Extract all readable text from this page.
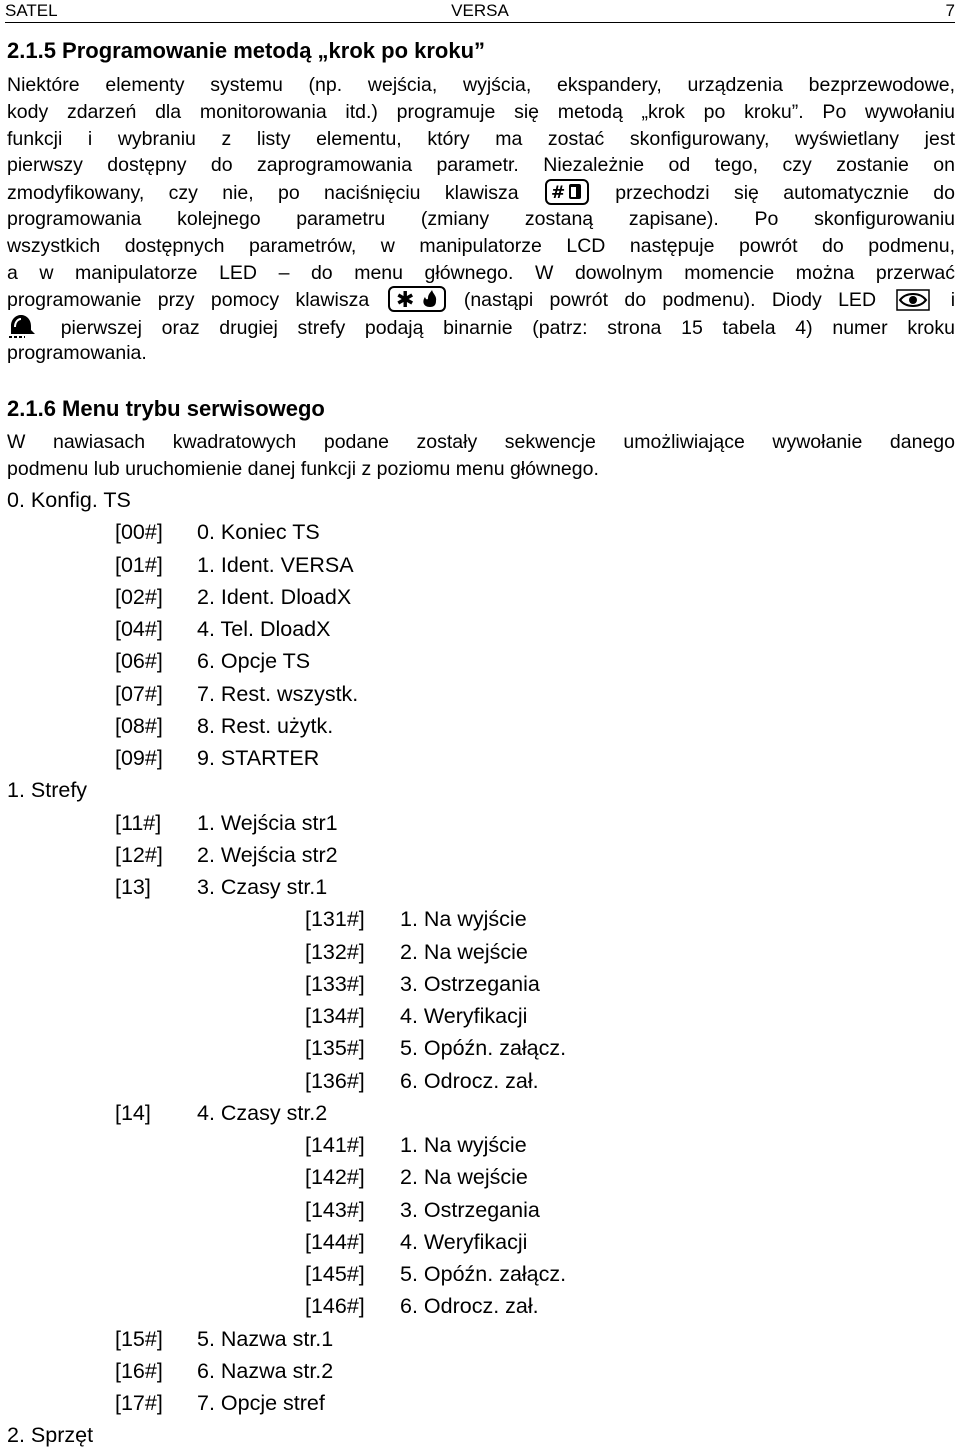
SATEL	VERSA	7
2.1.5 Programowanie metodą „krok po kroku”
Niektóre elementy systemu (np. wejścia, wyjścia, ekspandery, urządzenia bezprzewodowe,
kody zdarzeń dla monitorowania itd.) programuje się metodą „krok po kroku”. Po wywołaniu
funkcji i wybraniu z listy elementu, który ma zostać skonfigurowany, wyświetlany jest
pierwszy dostępny do zaprogramowania parametr. Niezależnie od tego, czy zostanie on
zmodyfikowany, czy nie, po naciśnięciu klawisza #	przechodzi się automatycznie do
programowania kolejnego parametru (zmiany zostaną zapisane). Po skonfigurowaniu
wszystkich dostępnych parametrów, w manipulatorze LCD następuje powrót do podmenu,
a w manipulatorze LED – do menu głównego. W dowolnym momencie można przerwać
programowanie przy pomocy klawisza ✱	(nastąpi powrót do podmenu). Diody LED	i
pierwszej oraz drugiej strefy podają binarnie (patrz: strona 15 tabela 4) numer kroku
programowania.
2.1.6 Menu trybu serwisowego
W nawiasach kwadratowych podane zostały sekwencje umożliwiające wywołanie danego
podmenu lub uruchomienie danej funkcji z poziomu menu głównego.
0. Konfig. TS
[00#] 0. Koniec TS
[01#] 1. Ident. VERSA
[02#] 2. Ident. DloadX
[04#] 4. Tel. DloadX
[06#] 6. Opcje TS
[07#] 7. Rest. wszystk.
[08#] 8. Rest. użytk.
[09#] 9. STARTER
1. Strefy
[11#] 1. Wejścia str1
[12#] 2. Wejścia str2
[13] 3. Czasy str.1
[131#] 1. Na wyjście
[132#] 2. Na wejście
[133#] 3. Ostrzegania
[134#] 4. Weryfikacji
[135#] 5. Opóźn. załącz.
[136#] 6. Odrocz. zał.
[14] 4. Czasy str.2
[141#] 1. Na wyjście
[142#] 2. Na wejście
[143#] 3. Ostrzegania
[144#] 4. Weryfikacji
[145#] 5. Opóźn. załącz.
[146#] 6. Odrocz. zał.
[15#] 5. Nazwa str.1
[16#] 6. Nazwa str.2
[17#] 7. Opcje stref
2. Sprzęt
